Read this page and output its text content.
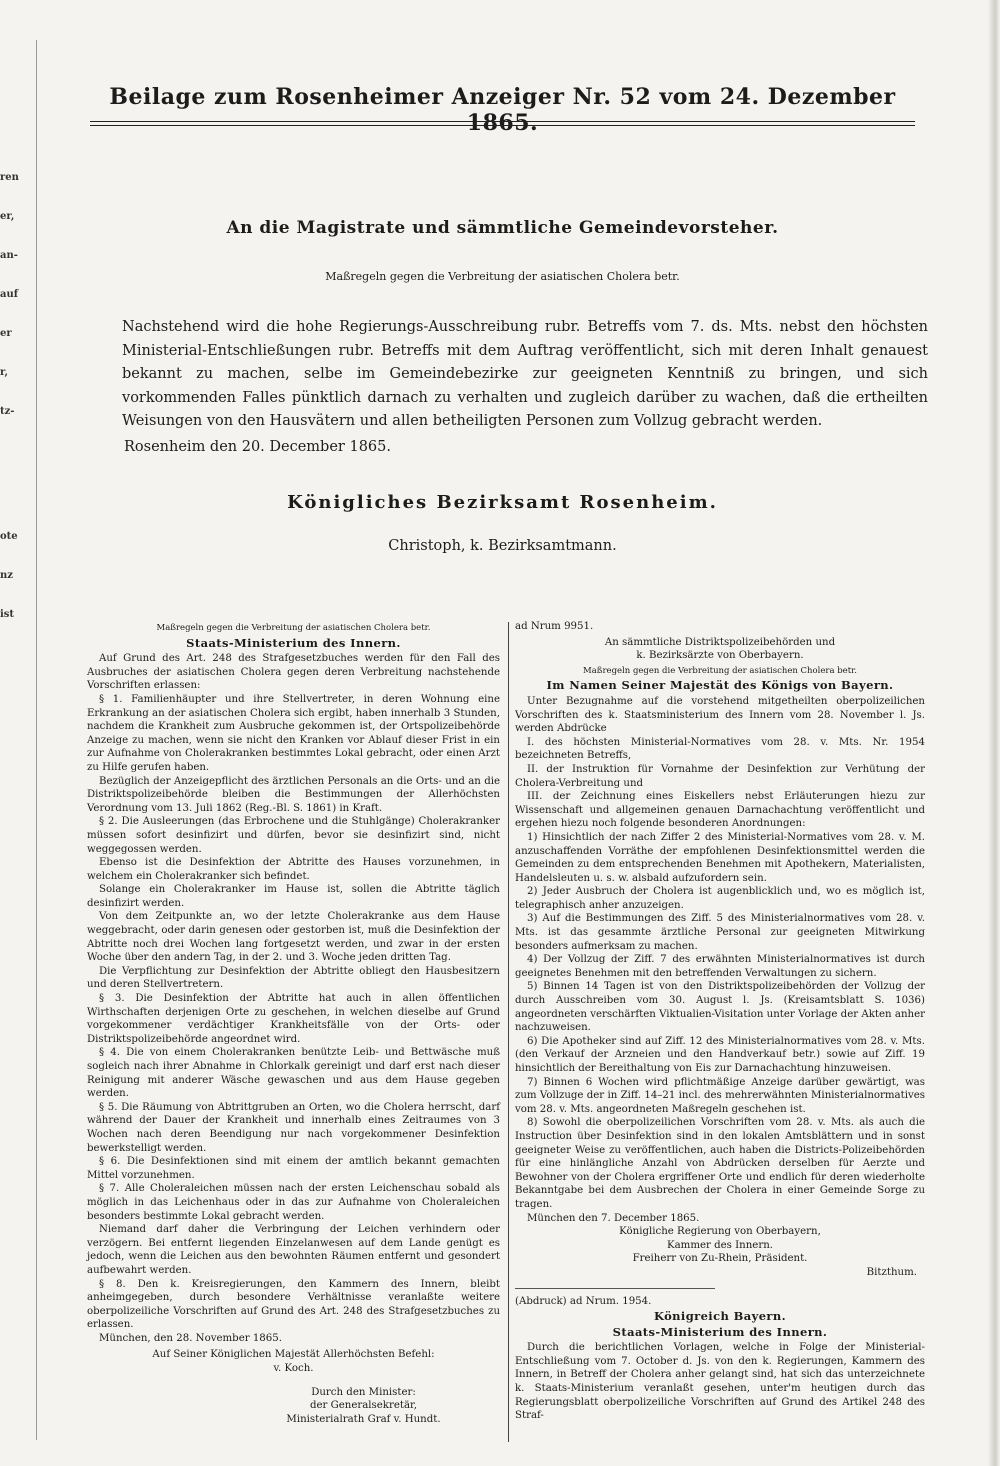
ren

er,

an-

auf

er

r,

tz-

ote

nz

ist

Beilage zum Rosenheimer Anzeiger Nr. 52 vom 24. Dezember 1865.
An die Magistrate und sämmtliche Gemeindevorsteher.
Maßregeln gegen die Verbreitung der asiatischen Cholera betr.
Nachstehend wird die hohe Regierungs-Ausschreibung rubr. Betreffs vom 7. ds. Mts. nebst den höchsten Ministerial-Entschließungen rubr. Betreffs mit dem Auftrag veröffentlicht, sich mit deren Inhalt genauest bekannt zu machen, selbe im Gemeindebezirke zur geeigneten Kenntniß zu bringen, und sich vorkommenden Falles pünktlich darnach zu verhalten und zugleich darüber zu wachen, daß die ertheilten Weisungen von den Hausvätern und allen betheiligten Personen zum Vollzug gebracht werden.
Rosenheim den 20. December 1865.
Königliches Bezirksamt Rosenheim.
Christoph, k. Bezirksamtmann.

Maßregeln gegen die Verbreitung der asiatischen Cholera betr.

Staats-Ministerium des Innern.

Auf Grund des Art. 248 des Strafgesetzbuches werden für den Fall des Ausbruches der asiatischen Cholera gegen deren Verbreitung nachstehende Vorschriften erlassen:

§ 1. Familienhäupter und ihre Stellvertreter, in deren Wohnung eine Erkrankung an der asiatischen Cholera sich ergibt, haben innerhalb 3 Stunden, nachdem die Krankheit zum Ausbruche gekommen ist, der Ortspolizeibehörde Anzeige zu machen, wenn sie nicht den Kranken vor Ablauf dieser Frist in ein zur Aufnahme von Cholerakranken bestimmtes Lokal gebracht, oder einen Arzt zu Hilfe gerufen haben.

Bezüglich der Anzeigepflicht des ärztlichen Personals an die Orts- und an die Distriktspolizeibehörde bleiben die Bestimmungen der Allerhöchsten Verordnung vom 13. Juli 1862 (Reg.-Bl. S. 1861) in Kraft.

§ 2. Die Ausleerungen (das Erbrochene und die Stuhlgänge) Cholerakranker müssen sofort desinfizirt und dürfen, bevor sie desinfizirt sind, nicht weggegossen werden.

Ebenso ist die Desinfektion der Abtritte des Hauses vorzunehmen, in welchem ein Cholerakranker sich befindet.

Solange ein Cholerakranker im Hause ist, sollen die Abtritte täglich desinfizirt werden.

Von dem Zeitpunkte an, wo der letzte Cholerakranke aus dem Hause weggebracht, oder darin genesen oder gestorben ist, muß die Desinfektion der Abtritte noch drei Wochen lang fortgesetzt werden, und zwar in der ersten Woche über den andern Tag, in der 2. und 3. Woche jeden dritten Tag.

Die Verpflichtung zur Desinfektion der Abtritte obliegt den Hausbesitzern und deren Stellvertretern.

§ 3. Die Desinfektion der Abtritte hat auch in allen öffentlichen Wirthschaften derjenigen Orte zu geschehen, in welchen dieselbe auf Grund vorgekommener verdächtiger Krankheitsfälle von der Orts- oder Distriktspolizeibehörde angeordnet wird.

§ 4. Die von einem Cholerakranken benützte Leib- und Bettwäsche muß sogleich nach ihrer Abnahme in Chlorkalk gereinigt und darf erst nach dieser Reinigung mit anderer Wäsche gewaschen und aus dem Hause gegeben werden.

§ 5. Die Räumung von Abtrittgruben an Orten, wo die Cholera herrscht, darf während der Dauer der Krankheit und innerhalb eines Zeitraumes von 3 Wochen nach deren Beendigung nur nach vorgekommener Desinfektion bewerkstelligt werden.

§ 6. Die Desinfektionen sind mit einem der amtlich bekannt gemachten Mittel vorzunehmen.

§ 7. Alle Choleraleichen müssen nach der ersten Leichenschau sobald als möglich in das Leichenhaus oder in das zur Aufnahme von Choleraleichen besonders bestimmte Lokal gebracht werden.

Niemand darf daher die Verbringung der Leichen verhindern oder verzögern. Bei entfernt liegenden Einzelanwesen auf dem Lande genügt es jedoch, wenn die Leichen aus den bewohnten Räumen entfernt und gesondert aufbewahrt werden.

§ 8. Den k. Kreisregierungen, den Kammern des Innern, bleibt anheimgegeben, durch besondere Verhältnisse veranlaßte weitere oberpolizeiliche Vorschriften auf Grund des Art. 248 des Strafgesetzbuches zu erlassen.

München, den 28. November 1865.

Auf Seiner Königlichen Majestät Allerhöchsten Befehl:

v. Koch.

Durch den Minister:

der Generalsekretär,

Ministerialrath Graf v. Hundt.

ad Nrum 9951.

An sämmtliche Distriktspolizeibehörden und

k. Bezirksärzte von Oberbayern.

Maßregeln gegen die Verbreitung der asiatischen Cholera betr.

Im Namen Seiner Majestät des Königs von Bayern.

Unter Bezugnahme auf die vorstehend mitgetheilten oberpolizeilichen Vorschriften des k. Staatsministerium des Innern vom 28. November l. Js. werden Abdrücke

I. des höchsten Ministerial-Normatives vom 28. v. Mts. Nr. 1954 bezeichneten Betreffs,

II. der Instruktion für Vornahme der Desinfektion zur Verhütung der Cholera-Verbreitung und

III. der Zeichnung eines Eiskellers nebst Erläuterungen hiezu zur Wissenschaft und allgemeinen genauen Darnachachtung veröffentlicht und ergehen hiezu noch folgende besonderen Anordnungen:

1) Hinsichtlich der nach Ziffer 2 des Ministerial-Normatives vom 28. v. M. anzuschaffenden Vorräthe der empfohlenen Desinfektionsmittel werden die Gemeinden zu dem entsprechenden Benehmen mit Apothekern, Materialisten, Handelsleuten u. s. w. alsbald aufzufordern sein.

2) Jeder Ausbruch der Cholera ist augenblicklich und, wo es möglich ist, telegraphisch anher anzuzeigen.

3) Auf die Bestimmungen des Ziff. 5 des Ministerialnormatives vom 28. v. Mts. ist das gesammte ärztliche Personal zur geeigneten Mitwirkung besonders aufmerksam zu machen.

4) Der Vollzug der Ziff. 7 des erwähnten Ministerialnormatives ist durch geeignetes Benehmen mit den betreffenden Verwaltungen zu sichern.

5) Binnen 14 Tagen ist von den Distriktspolizeibehörden der Vollzug der durch Ausschreiben vom 30. August l. Js. (Kreisamtsblatt S. 1036) angeordneten verschärften Viktualien-Visitation unter Vorlage der Akten anher nachzuweisen.

6) Die Apotheker sind auf Ziff. 12 des Ministerialnormatives vom 28. v. Mts. (den Verkauf der Arzneien und den Handverkauf betr.) sowie auf Ziff. 19 hinsichtlich der Bereithaltung von Eis zur Darnachachtung hinzuweisen.

7) Binnen 6 Wochen wird pflichtmäßige Anzeige darüber gewärtigt, was zum Vollzuge der in Ziff. 14–21 incl. des mehrerwähnten Ministerialnormatives vom 28. v. Mts. angeordneten Maßregeln geschehen ist.

8) Sowohl die oberpolizeilichen Vorschriften vom 28. v. Mts. als auch die Instruction über Desinfektion sind in den lokalen Amtsblättern und in sonst geeigneter Weise zu veröffentlichen, auch haben die Districts-Polizeibehörden für eine hinlängliche Anzahl von Abdrücken derselben für Aerzte und Bewohner von der Cholera ergriffener Orte und endlich für deren wiederholte Bekanntgabe bei dem Ausbrechen der Cholera in einer Gemeinde Sorge zu tragen.

München den 7. December 1865.

Königliche Regierung von Oberbayern,

Kammer des Innern.

Freiherr von Zu-Rhein, Präsident.

Bitzthum.

(Abdruck) ad Nrum. 1954.

Königreich Bayern.

Staats-Ministerium des Innern.

Durch die berichtlichen Vorlagen, welche in Folge der Ministerial-Entschließung vom 7. October d. Js. von den k. Regierungen, Kammern des Innern, in Betreff der Cholera anher gelangt sind, hat sich das unterzeichnete k. Staats-Ministerium veranlaßt gesehen, unter'm heutigen durch das Regierungsblatt oberpolizeiliche Vorschriften auf Grund des Artikel 248 des Straf-
